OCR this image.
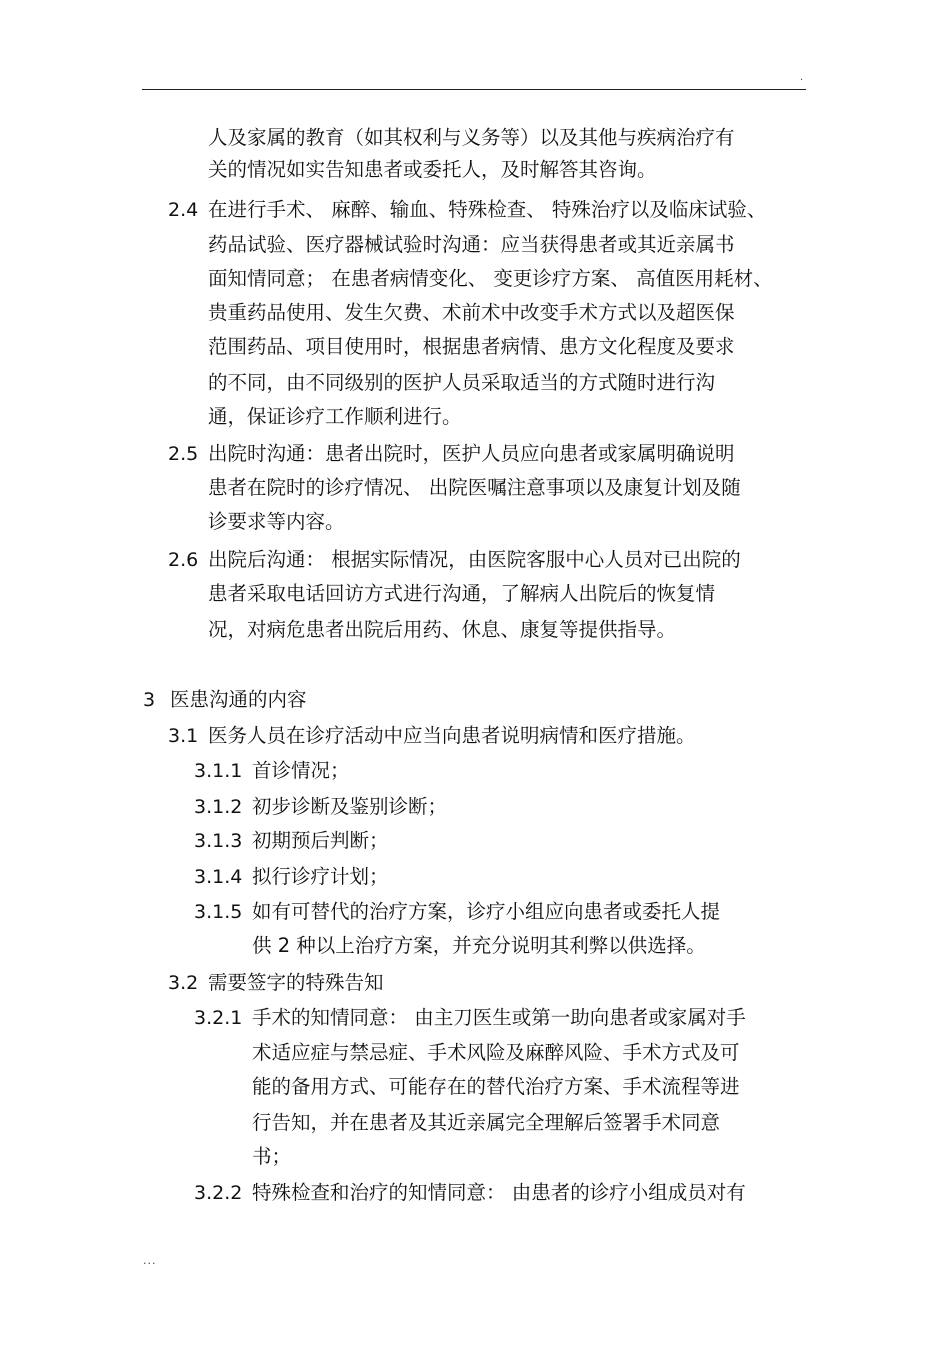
.
人及家属的教育（如其权利与义务等）以及其他与疾病治疗有
关的情况如实告知患者或委托人，及时解答其咨询。
2.4 在进行手术、 麻醉、输血、特殊检查、 特殊治疗以及临床试验、
药品试验、医疗器械试验时沟通：应当获得患者或其近亲属书
面知情同意； 在患者病情变化、 变更诊疗方案、 高值医用耗材、
贵重药品使用、发生欠费、术前术中改变手术方式以及超医保
范围药品、项目使用时，根据患者病情、患方文化程度及要求
的不同，由不同级别的医护人员采取适当的方式随时进行沟
通，保证诊疗工作顺利进行。
2.5 出院时沟通：患者出院时，医护人员应向患者或家属明确说明
患者在院时的诊疗情况、 出院医嘱注意事项以及康复计划及随
诊要求等内容。
2.6 出院后沟通： 根据实际情况，由医院客服中心人员对已出院的
患者采取电话回访方式进行沟通，了解病人出院后的恢复情
况，对病危患者出院后用药、休息、康复等提供指导。
3 医患沟通的内容
3.1 医务人员在诊疗活动中应当向患者说明病情和医疗措施。
3.1.1 首诊情况；
3.1.2 初步诊断及鉴别诊断；
3.1.3 初期预后判断；
3.1.4 拟行诊疗计划；
3.1.5 如有可替代的治疗方案，诊疗小组应向患者或委托人提
供 2 种以上治疗方案，并充分说明其利弊以供选择。
3.2 需要签字的特殊告知
3.2.1 手术的知情同意： 由主刀医生或第一助向患者或家属对手
术适应症与禁忌症、手术风险及麻醉风险、手术方式及可
能的备用方式、可能存在的替代治疗方案、手术流程等进
行告知，并在患者及其近亲属完全理解后签署手术同意
书；
3.2.2 特殊检查和治疗的知情同意： 由患者的诊疗小组成员对有
...
